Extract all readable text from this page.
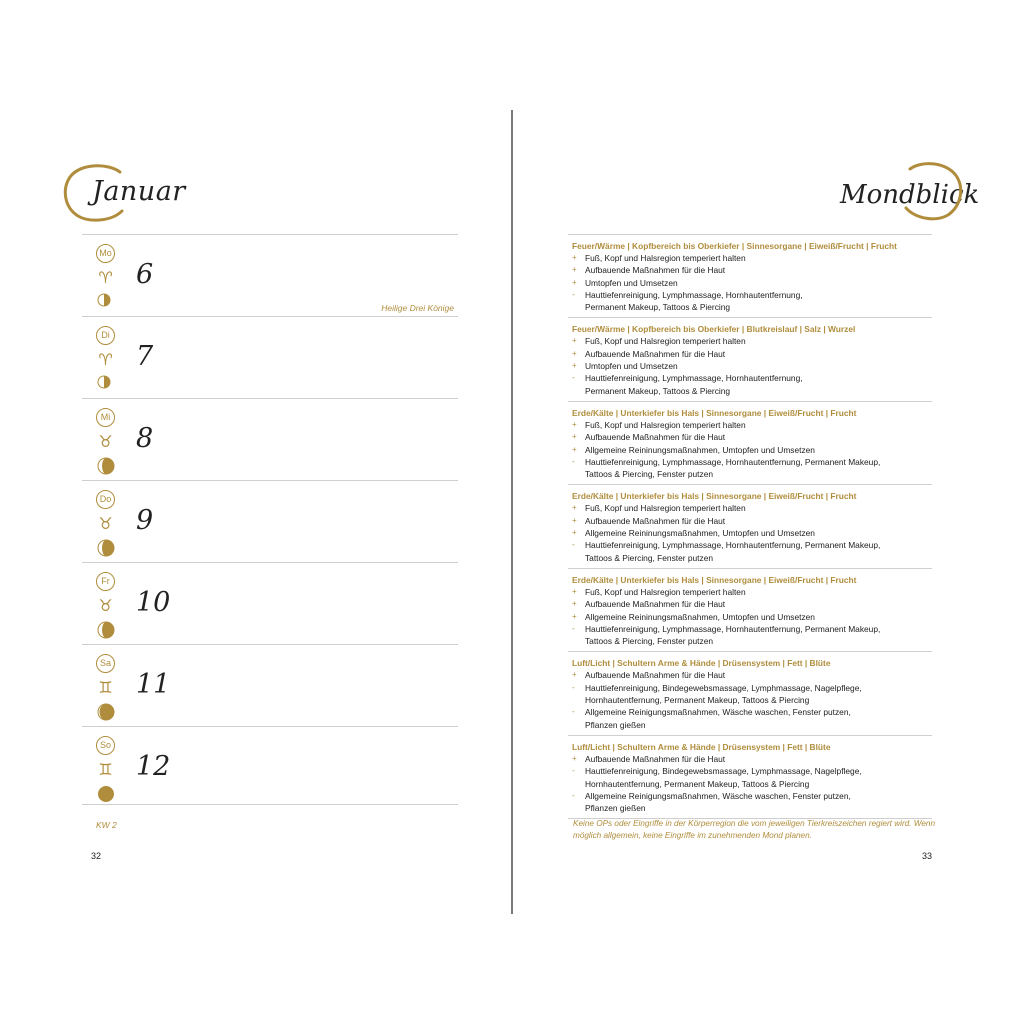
Januar
Mo
♈ 6
Heilige Drei Könige
Di
♈ 7
Mi
♉ 8
Do
♉ 9
Fr
♉ 10
Sa
♊ 11
So
♊ 12
KW 2
32
Mondblick
Feuer/Wärme | Kopfbereich bis Oberkiefer | Sinnesorgane | Eiweiß/Frucht | Frucht
+ Fuß, Kopf und Halsregion temperiert halten
+ Aufbauende Maßnahmen für die Haut
+ Umtopfen und Umsetzen
- Hauttiefenreinigung, Lymphmassage, Hornhautentfernung,
Permanent Makeup, Tattoos & Piercing
Feuer/Wärme | Kopfbereich bis Oberkiefer | Blutkreislauf | Salz | Wurzel
+ Fuß, Kopf und Halsregion temperiert halten
+ Aufbauende Maßnahmen für die Haut
+ Umtopfen und Umsetzen
- Hauttiefenreinigung, Lymphmassage, Hornhautentfernung,
Permanent Makeup, Tattoos & Piercing
Erde/Kälte | Unterkiefer bis Hals | Sinnesorgane | Eiweiß/Frucht | Frucht
+ Fuß, Kopf und Halsregion temperiert halten
+ Aufbauende Maßnahmen für die Haut
+ Allgemeine Reininungsmaßnahmen, Umtopfen und Umsetzen
- Hauttiefenreinigung, Lymphmassage, Hornhautentfernung, Permanent Makeup,
Tattoos & Piercing, Fenster putzen
Erde/Kälte | Unterkiefer bis Hals | Sinnesorgane | Eiweiß/Frucht | Frucht
+ Fuß, Kopf und Halsregion temperiert halten
+ Aufbauende Maßnahmen für die Haut
+ Allgemeine Reininungsmaßnahmen, Umtopfen und Umsetzen
- Hauttiefenreinigung, Lymphmassage, Hornhautentfernung, Permanent Makeup,
Tattoos & Piercing, Fenster putzen
Erde/Kälte | Unterkiefer bis Hals | Sinnesorgane | Eiweiß/Frucht | Frucht
+ Fuß, Kopf und Halsregion temperiert halten
+ Aufbauende Maßnahmen für die Haut
+ Allgemeine Reininungsmaßnahmen, Umtopfen und Umsetzen
- Hauttiefenreinigung, Lymphmassage, Hornhautentfernung, Permanent Makeup,
Tattoos & Piercing, Fenster putzen
Luft/Licht | Schultern Arme & Hände | Drüsensystem | Fett | Blüte
+ Aufbauende Maßnahmen für die Haut
- Hauttiefenreinigung, Bindegewebsmassage, Lymphmassage, Nagelpflege,
Hornhautentfernung, Permanent Makeup, Tattoos & Piercing
- Allgemeine Reinigungsmaßnahmen, Wäsche waschen, Fenster putzen,
Pflanzen gießen
Luft/Licht | Schultern Arme & Hände | Drüsensystem | Fett | Blüte
+ Aufbauende Maßnahmen für die Haut
- Hauttiefenreinigung, Bindegewebsmassage, Lymphmassage, Nagelpflege,
Hornhautentfernung, Permanent Makeup, Tattoos & Piercing
- Allgemeine Reinigungsmaßnahmen, Wäsche waschen, Fenster putzen,
Pflanzen gießen
Keine OPs oder Eingriffe in der Körperregion die vom jeweiligen Tierkreiszeichen regiert wird. Wenn möglich allgemein, keine Eingriffe im zunehmenden Mond planen.
33
